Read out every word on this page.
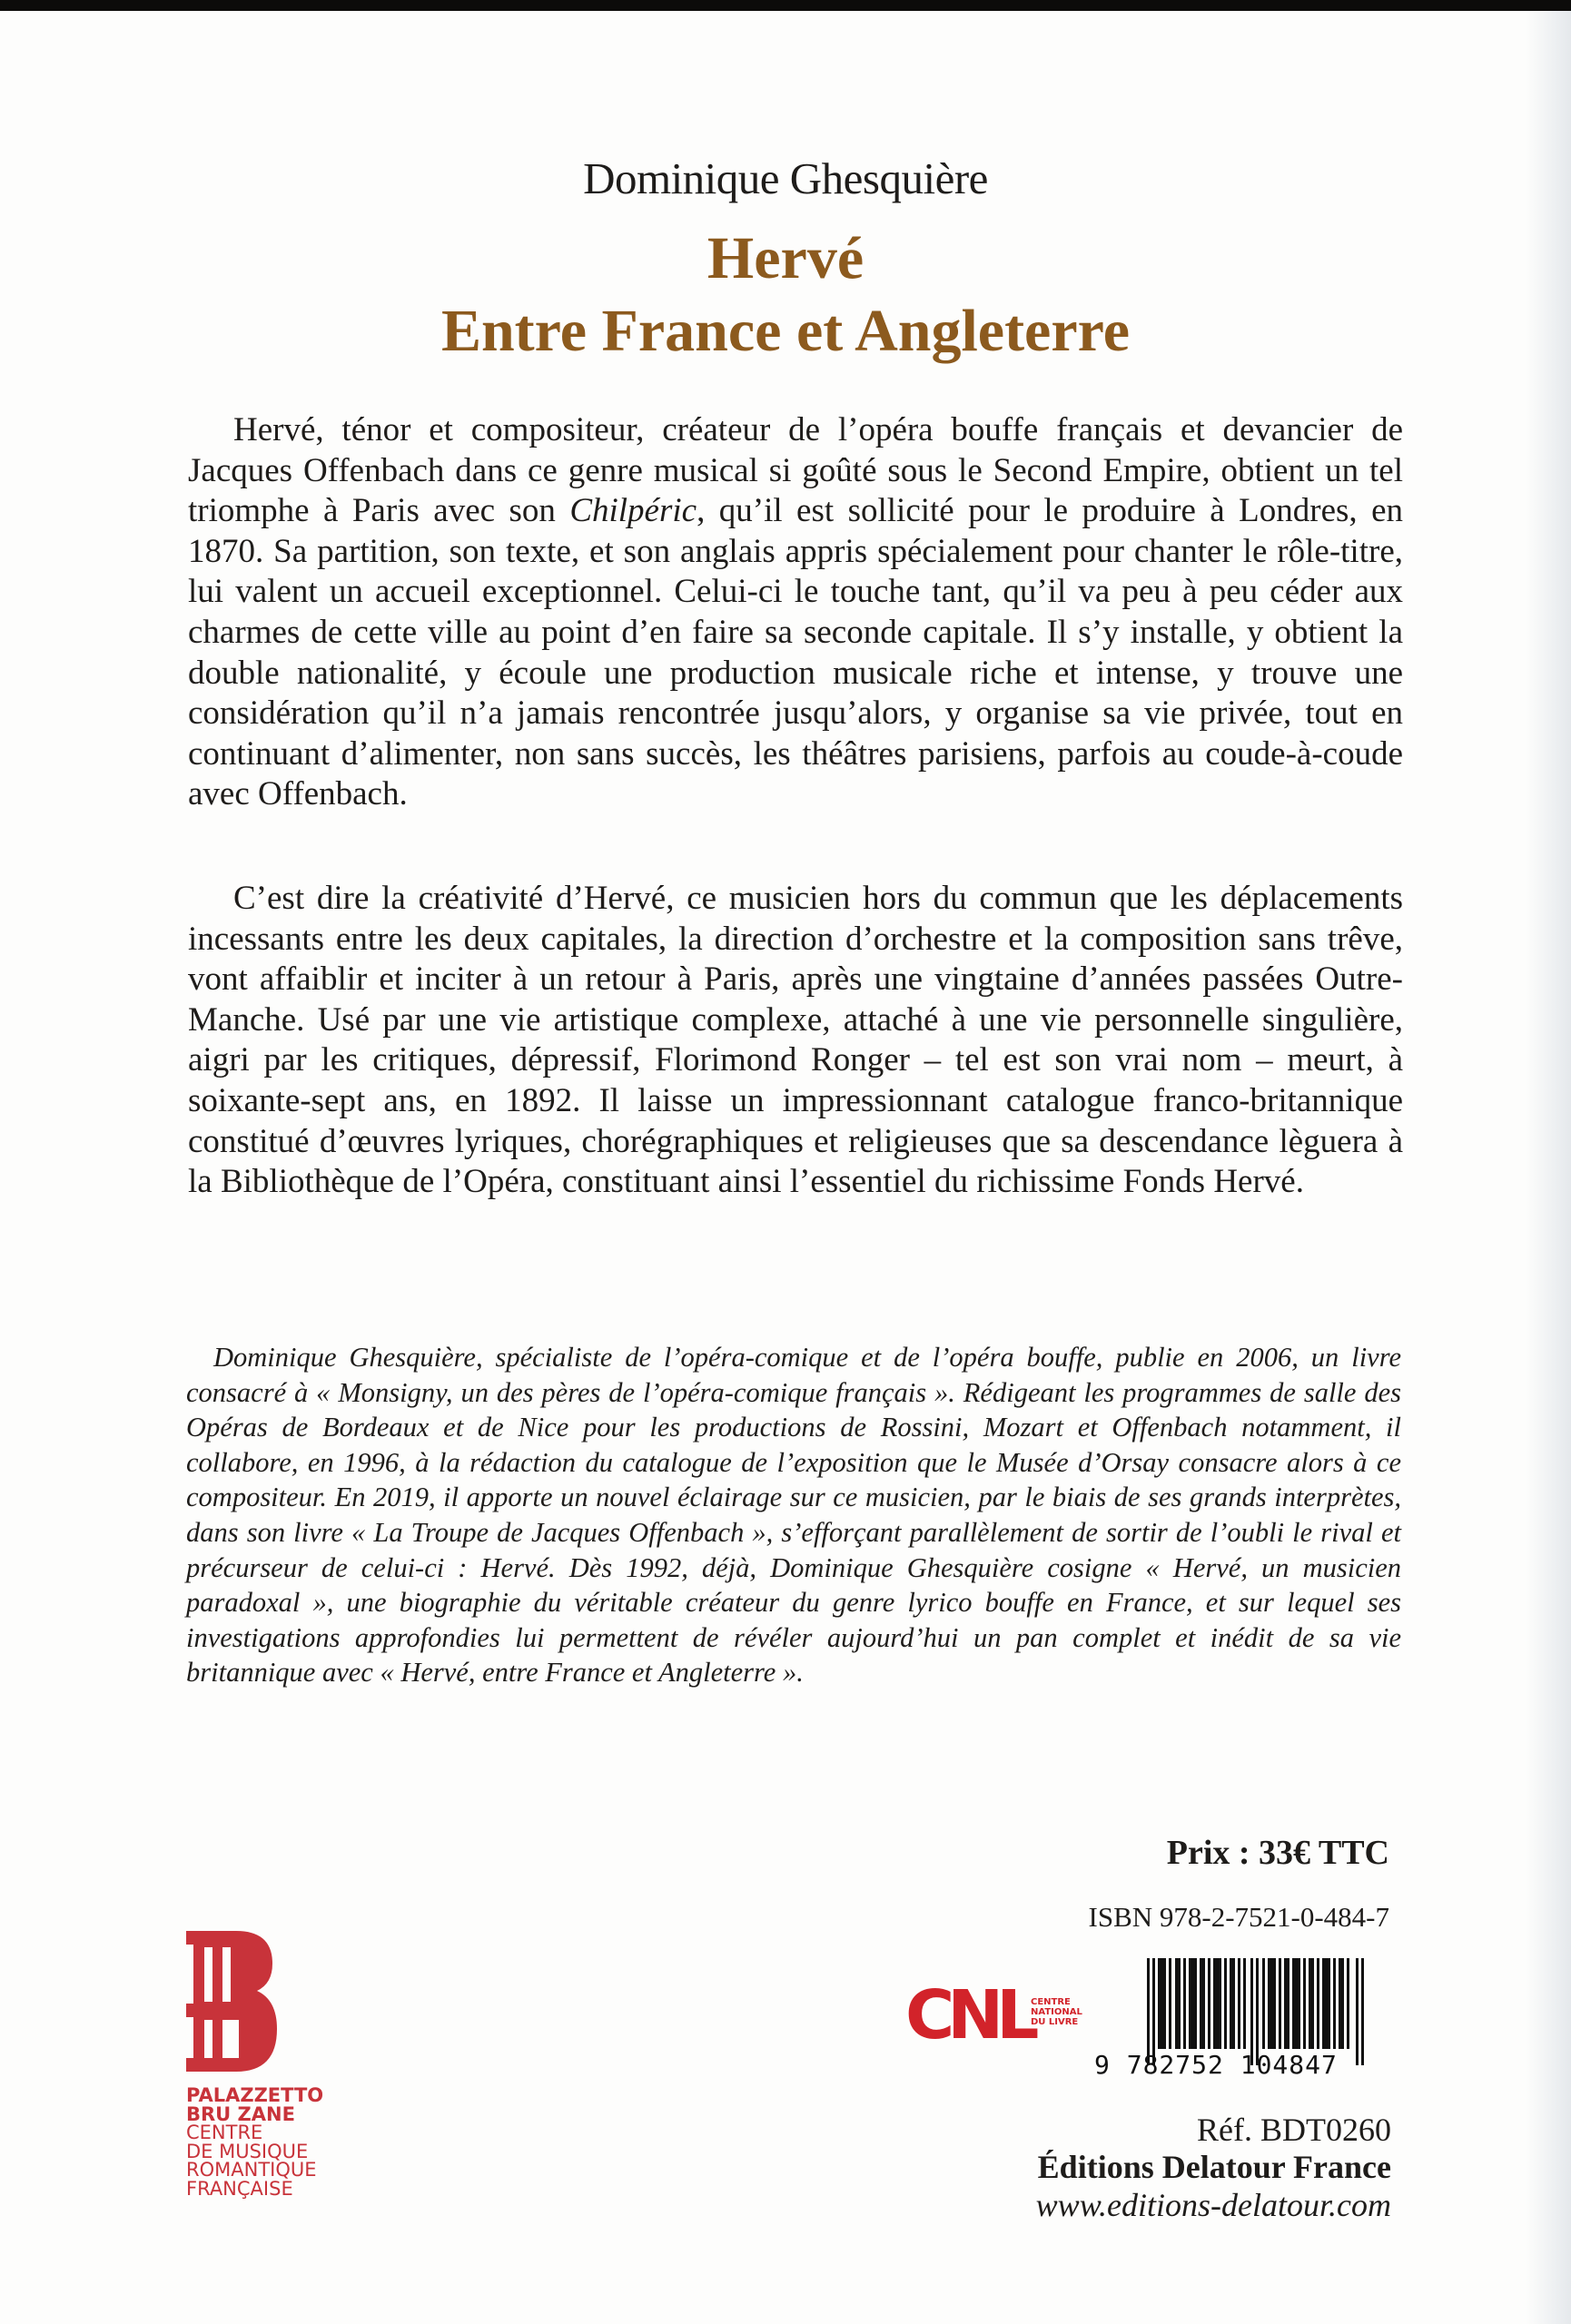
Dominique Ghesquière
Hervé
Entre France et Angleterre

Hervé, ténor et compositeur, créateur de l’opéra bouffe français et devancier de Jacques Offenbach dans ce genre musical si goûté sous le Second Empire, obtient un tel triomphe à Paris avec son Chilpéric, qu’il est sollicité pour le produire à Londres, en 1870. Sa partition, son texte, et son anglais appris spécialement pour chanter le rôle-titre, lui valent un accueil exceptionnel. Celui-ci le touche tant, qu’il va peu à peu céder aux charmes de cette ville au point d’en faire sa seconde capitale. Il s’y installe, y obtient la double nationalité, y écoule une production musicale riche et intense, y trouve une considération qu’il n’a jamais rencontrée jusqu’alors, y organise sa vie privée, tout en continuant d’alimenter, non sans succès, les théâtres parisiens, parfois au coude-à-coude avec Offenbach.

C’est dire la créativité d’Hervé, ce musicien hors du commun que les déplacements incessants entre les deux capitales, la direction d’orchestre et la composition sans trêve, vont affaiblir et inciter à un retour à Paris, après une vingtaine d’années passées Outre-Manche. Usé par une vie artistique complexe, attaché à une vie personnelle singulière, aigri par les critiques, dépressif, Florimond Ronger – tel est son vrai nom – meurt, à soixante-sept ans, en 1892. Il laisse un impressionnant catalogue franco-britannique constitué d’œuvres lyriques, chorégraphiques et religieuses que sa descendance lèguera à la Bibliothèque de l’Opéra, constituant ainsi l’essentiel du richissime Fonds Hervé.

Dominique Ghesquière, spécialiste de l’opéra-comique et de l’opéra bouffe, publie en 2006, un livre consacré à « Monsigny, un des pères de l’opéra-comique français ». Rédigeant les programmes de salle des Opéras de Bordeaux et de Nice pour les productions de Rossini, Mozart et Offenbach notamment, il collabore, en 1996, à la rédaction du catalogue de l’exposition que le Musée d’Orsay consacre alors à ce compositeur. En 2019, il apporte un nouvel éclairage sur ce musicien, par le biais de ses grands interprètes, dans son livre « La Troupe de Jacques Offenbach », s’efforçant parallèlement de sortir de l’oubli le rival et précurseur de celui-ci : Hervé. Dès 1992, déjà, Dominique Ghesquière cosigne « Hervé, un musicien paradoxal », une biographie du véritable créateur du genre lyrico bouffe en France, et sur lequel ses investigations approfondies lui permettent de révéler aujourd’hui un pan complet et inédit de sa vie britannique avec « Hervé, entre France et Angleterre ».

Prix : 33€ TTC
ISBN 978-2-7521-0-484-7
PALAZZETTO
BRU ZANE
CENTRE
DE MUSIQUE
ROMANTIQUE
FRANÇAISE
CNL
CENTRE
NATIONAL
DU LIVRE
9 782752 104847
Réf. BDT0260
Éditions Delatour France
www.editions-delatour.com
